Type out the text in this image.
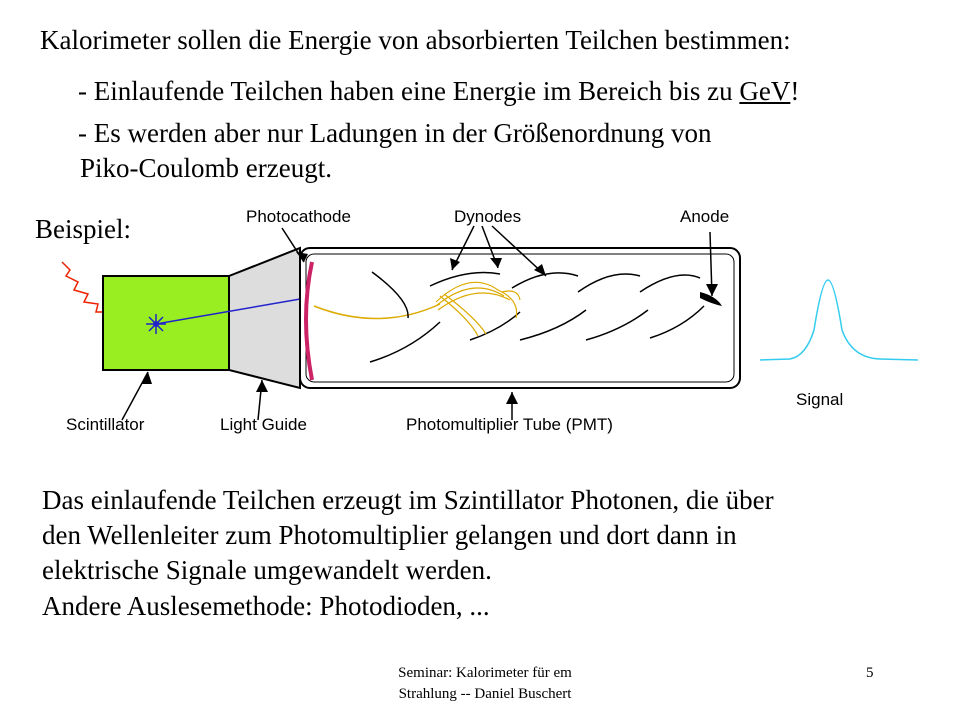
Kalorimeter sollen die Energie von absorbierten Teilchen bestimmen:
- Einlaufende Teilchen haben eine Energie im Bereich bis zu GeV!
- Es werden aber nur Ladungen in der Größenordnung von
Piko-Coulomb erzeugt.
Beispiel:	Photocathode	Dynodes	Anode
Scintillator	Light Guide	Photomultiplier Tube (PMT)
Signal
Das einlaufende Teilchen erzeugt im Szintillator Photonen, die über
den Wellenleiter zum Photomultiplier gelangen und dort dann in
elektrische Signale umgewandelt werden.
Andere Auslesemethode: Photodioden, ...
Seminar: Kalorimeter für em
Strahlung -- Daniel Buschert
5
